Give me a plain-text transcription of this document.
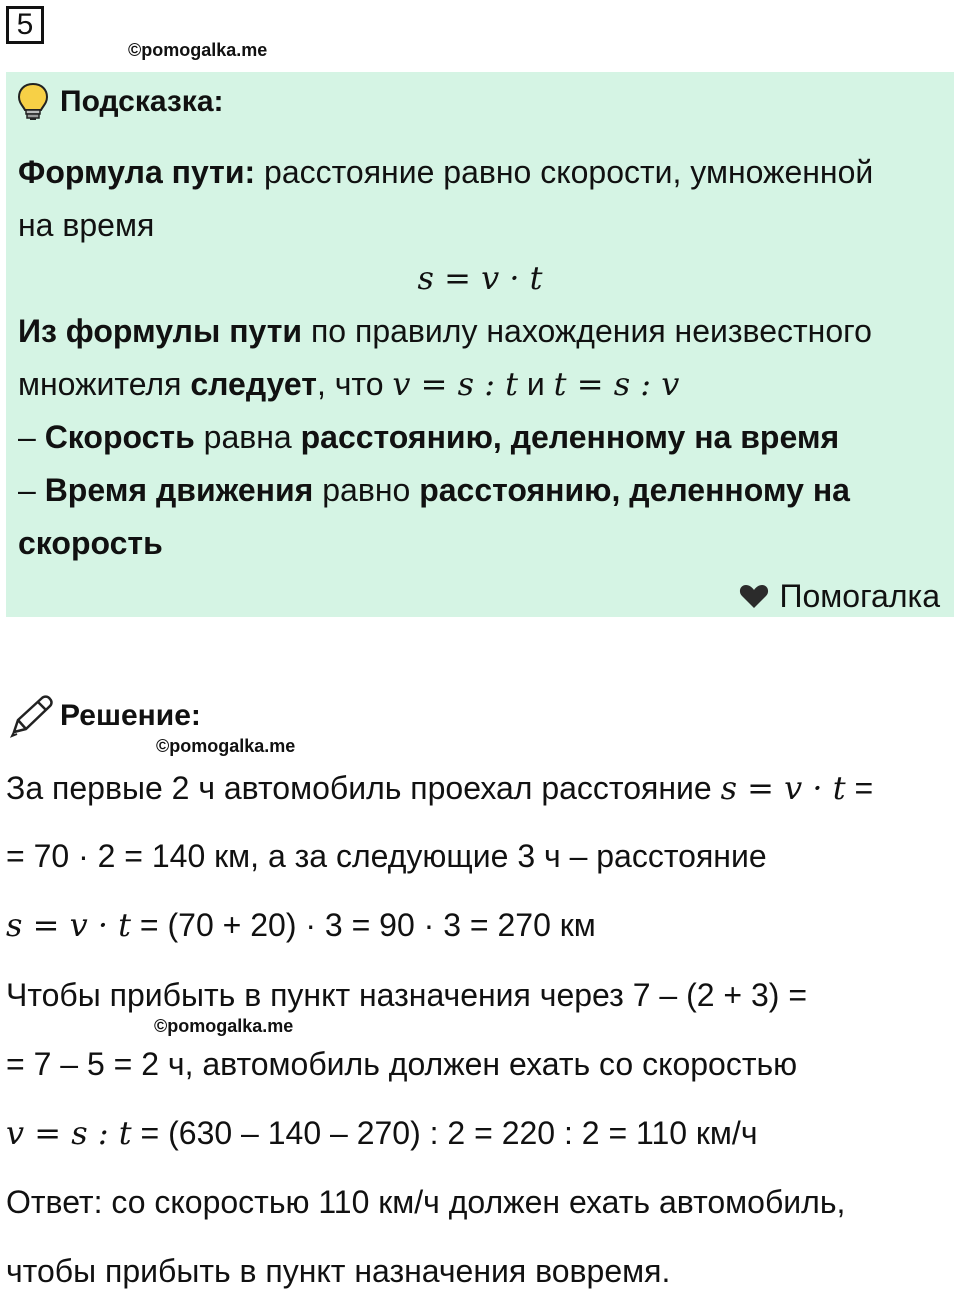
5
©pomogalka.me
Подсказка:
Формула пути: расстояние равно скорости, умноженной
на время
s = v · t
Из формулы пути по правилу нахождения неизвестного
множителя следует, что v = s : t и t = s : v
– Скорость равна расстоянию, деленному на время
– Время движения равно расстоянию, деленному на
скорость
Помогалка
Решение:
©pomogalka.me
За первые 2 ч автомобиль проехал расстояние s = v · t =
= 70 · 2 = 140 км, а за следующие 3 ч – расстояние
s = v · t = (70 + 20) · 3 = 90 · 3 = 270 км
Чтобы прибыть в пункт назначения через 7 – (2 + 3) =
©pomogalka.me
= 7 – 5 = 2 ч, автомобиль должен ехать со скоростью
v = s : t = (630 – 140 – 270) : 2 = 220 : 2 = 110 км/ч
Ответ: со скоростью 110 км/ч должен ехать автомобиль,
чтобы прибыть в пункт назначения вовремя.
